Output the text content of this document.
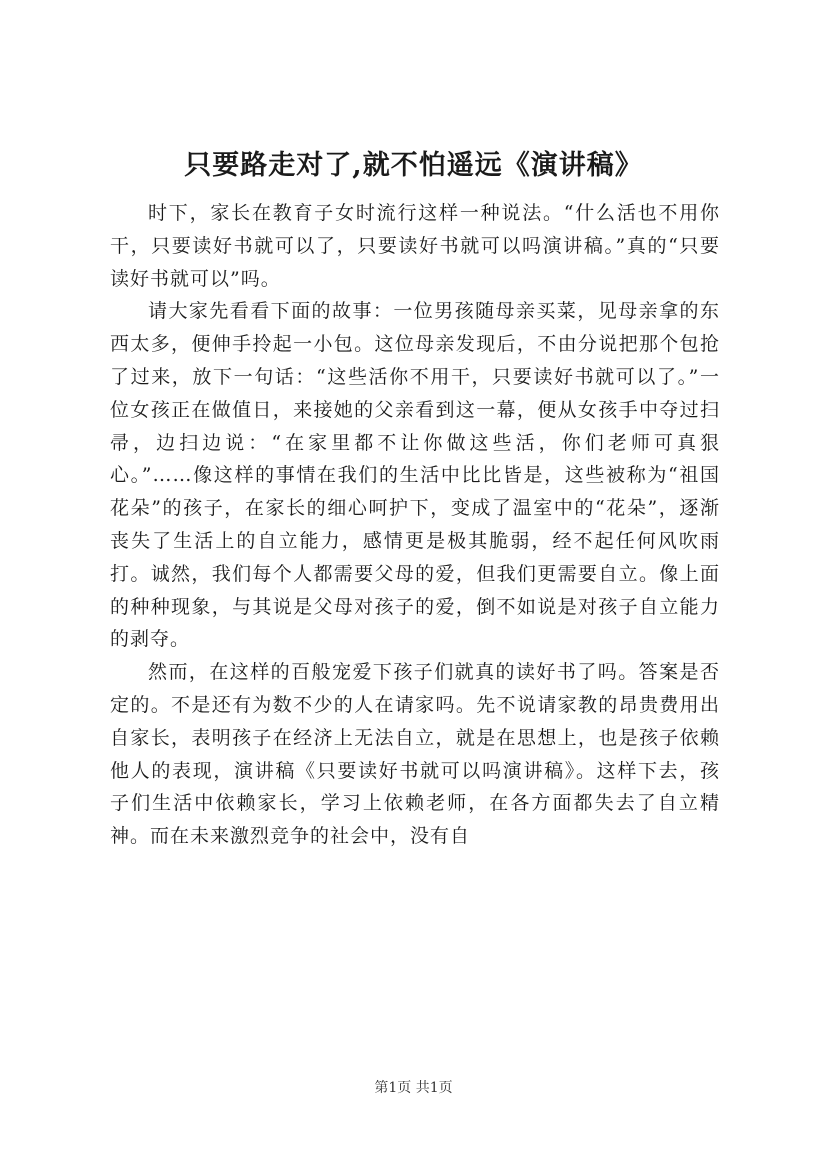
只要路走对了,就不怕遥远《演讲稿》

时下，家长在教育子女时流行这样一种说法。“什么活也不用你干，只要读好书就可以了，只要读好书就可以吗演讲稿。”真的“只要读好书就可以”吗。

请大家先看看下面的故事：一位男孩随母亲买菜，见母亲拿的东西太多，便伸手拎起一小包。这位母亲发现后，不由分说把那个包抢了过来，放下一句话：“这些活你不用干，只要读好书就可以了。”一位女孩正在做值日，来接她的父亲看到这一幕，便从女孩手中夺过扫帚，边扫边说：“在家里都不让你做这些活，你们老师可真狠心。”……像这样的事情在我们的生活中比比皆是，这些被称为“祖国花朵”的孩子，在家长的细心呵护下，变成了温室中的“花朵”，逐渐丧失了生活上的自立能力，感情更是极其脆弱，经不起任何风吹雨打。诚然，我们每个人都需要父母的爱，但我们更需要自立。像上面的种种现象，与其说是父母对孩子的爱，倒不如说是对孩子自立能力的剥夺。

然而，在这样的百般宠爱下孩子们就真的读好书了吗。答案是否定的。不是还有为数不少的人在请家吗。先不说请家教的昂贵费用出自家长，表明孩子在经济上无法自立，就是在思想上，也是孩子依赖他人的表现，演讲稿《只要读好书就可以吗演讲稿》。这样下去，孩子们生活中依赖家长，学习上依赖老师，在各方面都失去了自立精神。而在未来激烈竞争的社会中，没有自

第1页 共1页
